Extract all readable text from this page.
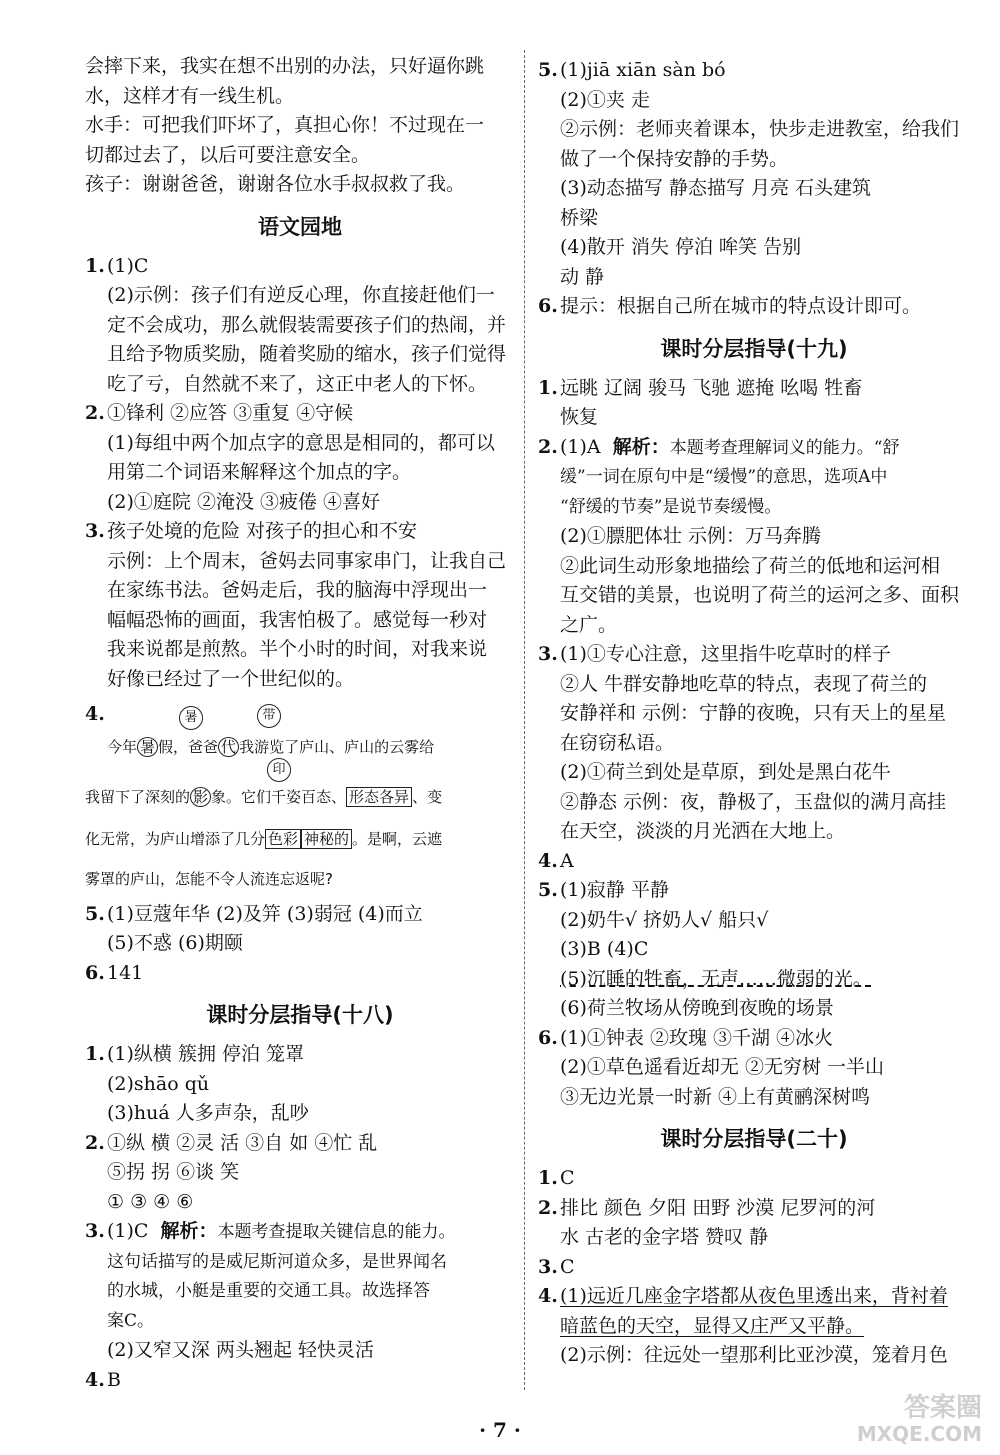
会摔下来，我实在想不出别的办法，只好逼你跳
水，这样才有一线生机。
水手：可把我们吓坏了，真担心你！不过现在一
切都过去了，以后可要注意安全。
孩子：谢谢爸爸，谢谢各位水手叔叔救了我。
语文园地
1. (1)C
(2)示例：孩子们有逆反心理，你直接赶他们一
定不会成功，那么就假装需要孩子们的热闹，并
且给予物质奖励，随着奖励的缩水，孩子们觉得
吃了亏，自然就不来了，这正中老人的下怀。
2. ①锋利 ②应答 ③重复 ④守候
(1)每组中两个加点字的意思是相同的，都可以
用第二个词语来解释这个加点的字。
(2)①庭院 ②淹没 ③疲倦 ④喜好
3. 孩子处境的危险 对孩子的担心和不安
示例：上个周末，爸妈去同事家串门，让我自己
在家练书法。爸妈走后，我的脑海中浮现出一
幅幅恐怖的画面，我害怕极了。感觉每一秒对
我来说都是煎熬。半个小时的时间，对我来说
好像已经过了一个世纪似的。
4.	暑	带
印
今年 暑 假，爸爸 代 我游览了庐山、庐山的云雾给
我留下了深刻的 影 象。它们千姿百态、 形态各异 、变
化无常，为庐山增添了几分 色彩 神秘的 。是啊，云遮
雾罩的庐山，怎能不令人流连忘返呢?
5. (1)豆蔻年华 (2)及笄 (3)弱冠 (4)而立
(5)不惑 (6)期颐
6. 141
课时分层指导(十八)
1. (1)纵横 簇拥 停泊 笼罩
(2)shāo qǔ
(3)huá 人多声杂，乱吵
2. ①纵 横 ②灵 活 ③自 如 ④忙 乱
⑤拐 拐 ⑥谈 笑
① ③ ④ ⑥
3. (1)C 解析：本题考查提取关键信息的能力。
这句话描写的是威尼斯河道众多，是世界闻名
的水城，小艇是重要的交通工具。故选择答
案C。
(2)又窄又深 两头翘起 轻快灵活
4. B
5. (1)jiā xiān sàn bó
(2)①夹 走
②示例：老师夹着课本，快步走进教室，给我们
做了一个保持安静的手势。
(3)动态描写 静态描写 月亮 石头建筑
桥梁
(4)散开 消失 停泊 哞笑 告别
动 静
6. 提示：根据自己所在城市的特点设计即可。
课时分层指导(十九)
1. 远眺 辽阔 骏马 飞驰 遮掩 吆喝 牲畜
恢复
2. (1)A 解析：本题考查理解词义的能力。“舒
缓”一词在原句中是“缓慢”的意思，选项A中
“舒缓的节奏”是说节奏缓慢。
(2)①膘肥体壮 示例：万马奔腾
②此词生动形象地描绘了荷兰的低地和运河相
互交错的美景，也说明了荷兰的运河之多、面积
之广。
3. (1)①专心注意，这里指牛吃草时的样子
②人 牛群安静地吃草的特点，表现了荷兰的
安静祥和 示例：宁静的夜晚，只有天上的星星
在窃窃私语。
(2)①荷兰到处是草原，到处是黑白花牛
②静态 示例：夜，静极了，玉盘似的满月高挂
在天空，淡淡的月光洒在大地上。
4. A
5. (1)寂静 平静
(2)奶牛√ 挤奶人√ 船只√
(3)B (4)C
(5)沉睡的牲畜，无声……微弱的光。
(6)荷兰牧场从傍晚到夜晚的场景
6. (1)①钟表 ②玫瑰 ③千湖 ④冰火
(2)①草色遥看近却无 ②无穷树 一半山
③无边光景一时新 ④上有黄鹂深树鸣
课时分层指导(二十)
1. C
2. 排比 颜色 夕阳 田野 沙漠 尼罗河的河
水 古老的金字塔 赞叹 静
3. C
4. (1)远近几座金字塔都从夜色里透出来，背衬着
暗蓝色的天空，显得又庄严又平静。
(2)示例：往远处一望那利比亚沙漠，笼着月色
· 7 ·
答案圈
MXQE.COM
